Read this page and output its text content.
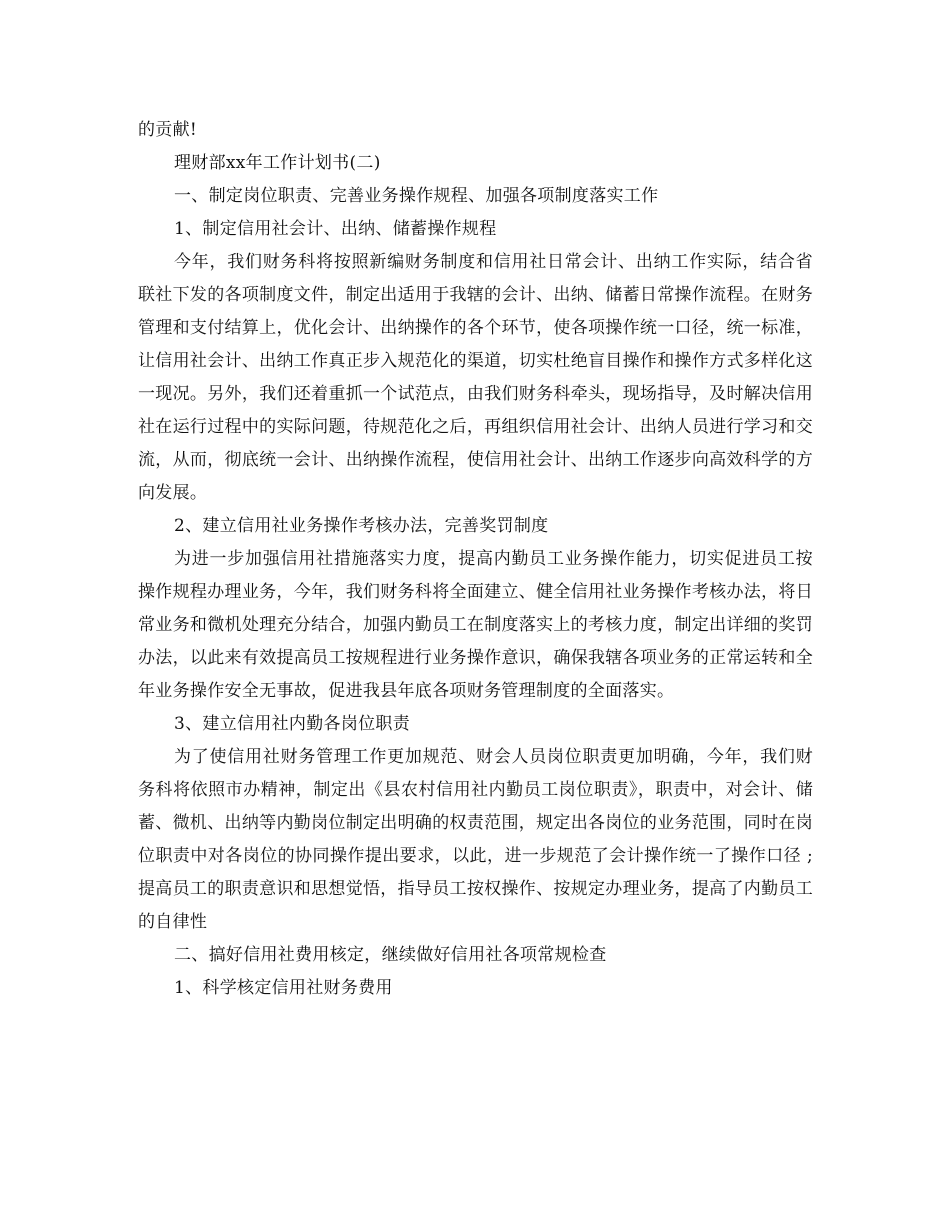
的贡献!

理财部xx年工作计划书(二)

一、制定岗位职责、完善业务操作规程、加强各项制度落实工作

1、制定信用社会计、出纳、储蓄操作规程

今年，我们财务科将按照新编财务制度和信用社日常会计、出纳工作实际，结合省联社下发的各项制度文件，制定出适用于我辖的会计、出纳、储蓄日常操作流程。在财务管理和支付结算上，优化会计、出纳操作的各个环节，使各项操作统一口径，统一标准，让信用社会计、出纳工作真正步入规范化的渠道，切实杜绝盲目操作和操作方式多样化这一现况。另外，我们还着重抓一个试范点，由我们财务科牵头，现场指导，及时解决信用社在运行过程中的实际问题，待规范化之后，再组织信用社会计、出纳人员进行学习和交流，从而，彻底统一会计、出纳操作流程，使信用社会计、出纳工作逐步向高效科学的方向发展。

2、建立信用社业务操作考核办法，完善奖罚制度

为进一步加强信用社措施落实力度，提高内勤员工业务操作能力，切实促进员工按操作规程办理业务，今年，我们财务科将全面建立、健全信用社业务操作考核办法，将日常业务和微机处理充分结合，加强内勤员工在制度落实上的考核力度，制定出详细的奖罚办法，以此来有效提高员工按规程进行业务操作意识，确保我辖各项业务的正常运转和全年业务操作安全无事故，促进我县年底各项财务管理制度的全面落实。

3、建立信用社内勤各岗位职责

为了使信用社财务管理工作更加规范、财会人员岗位职责更加明确，今年，我们财务科将依照市办精神，制定出《县农村信用社内勤员工岗位职责》，职责中，对会计、储蓄、微机、出纳等内勤岗位制定出明确的权责范围，规定出各岗位的业务范围，同时在岗位职责中对各岗位的协同操作提出要求，以此，进一步规范了会计操作统一了操作口径 ; 提高员工的职责意识和思想觉悟，指导员工按权操作、按规定办理业务，提高了内勤员工的自律性

二、搞好信用社费用核定，继续做好信用社各项常规检查

1、科学核定信用社财务费用
